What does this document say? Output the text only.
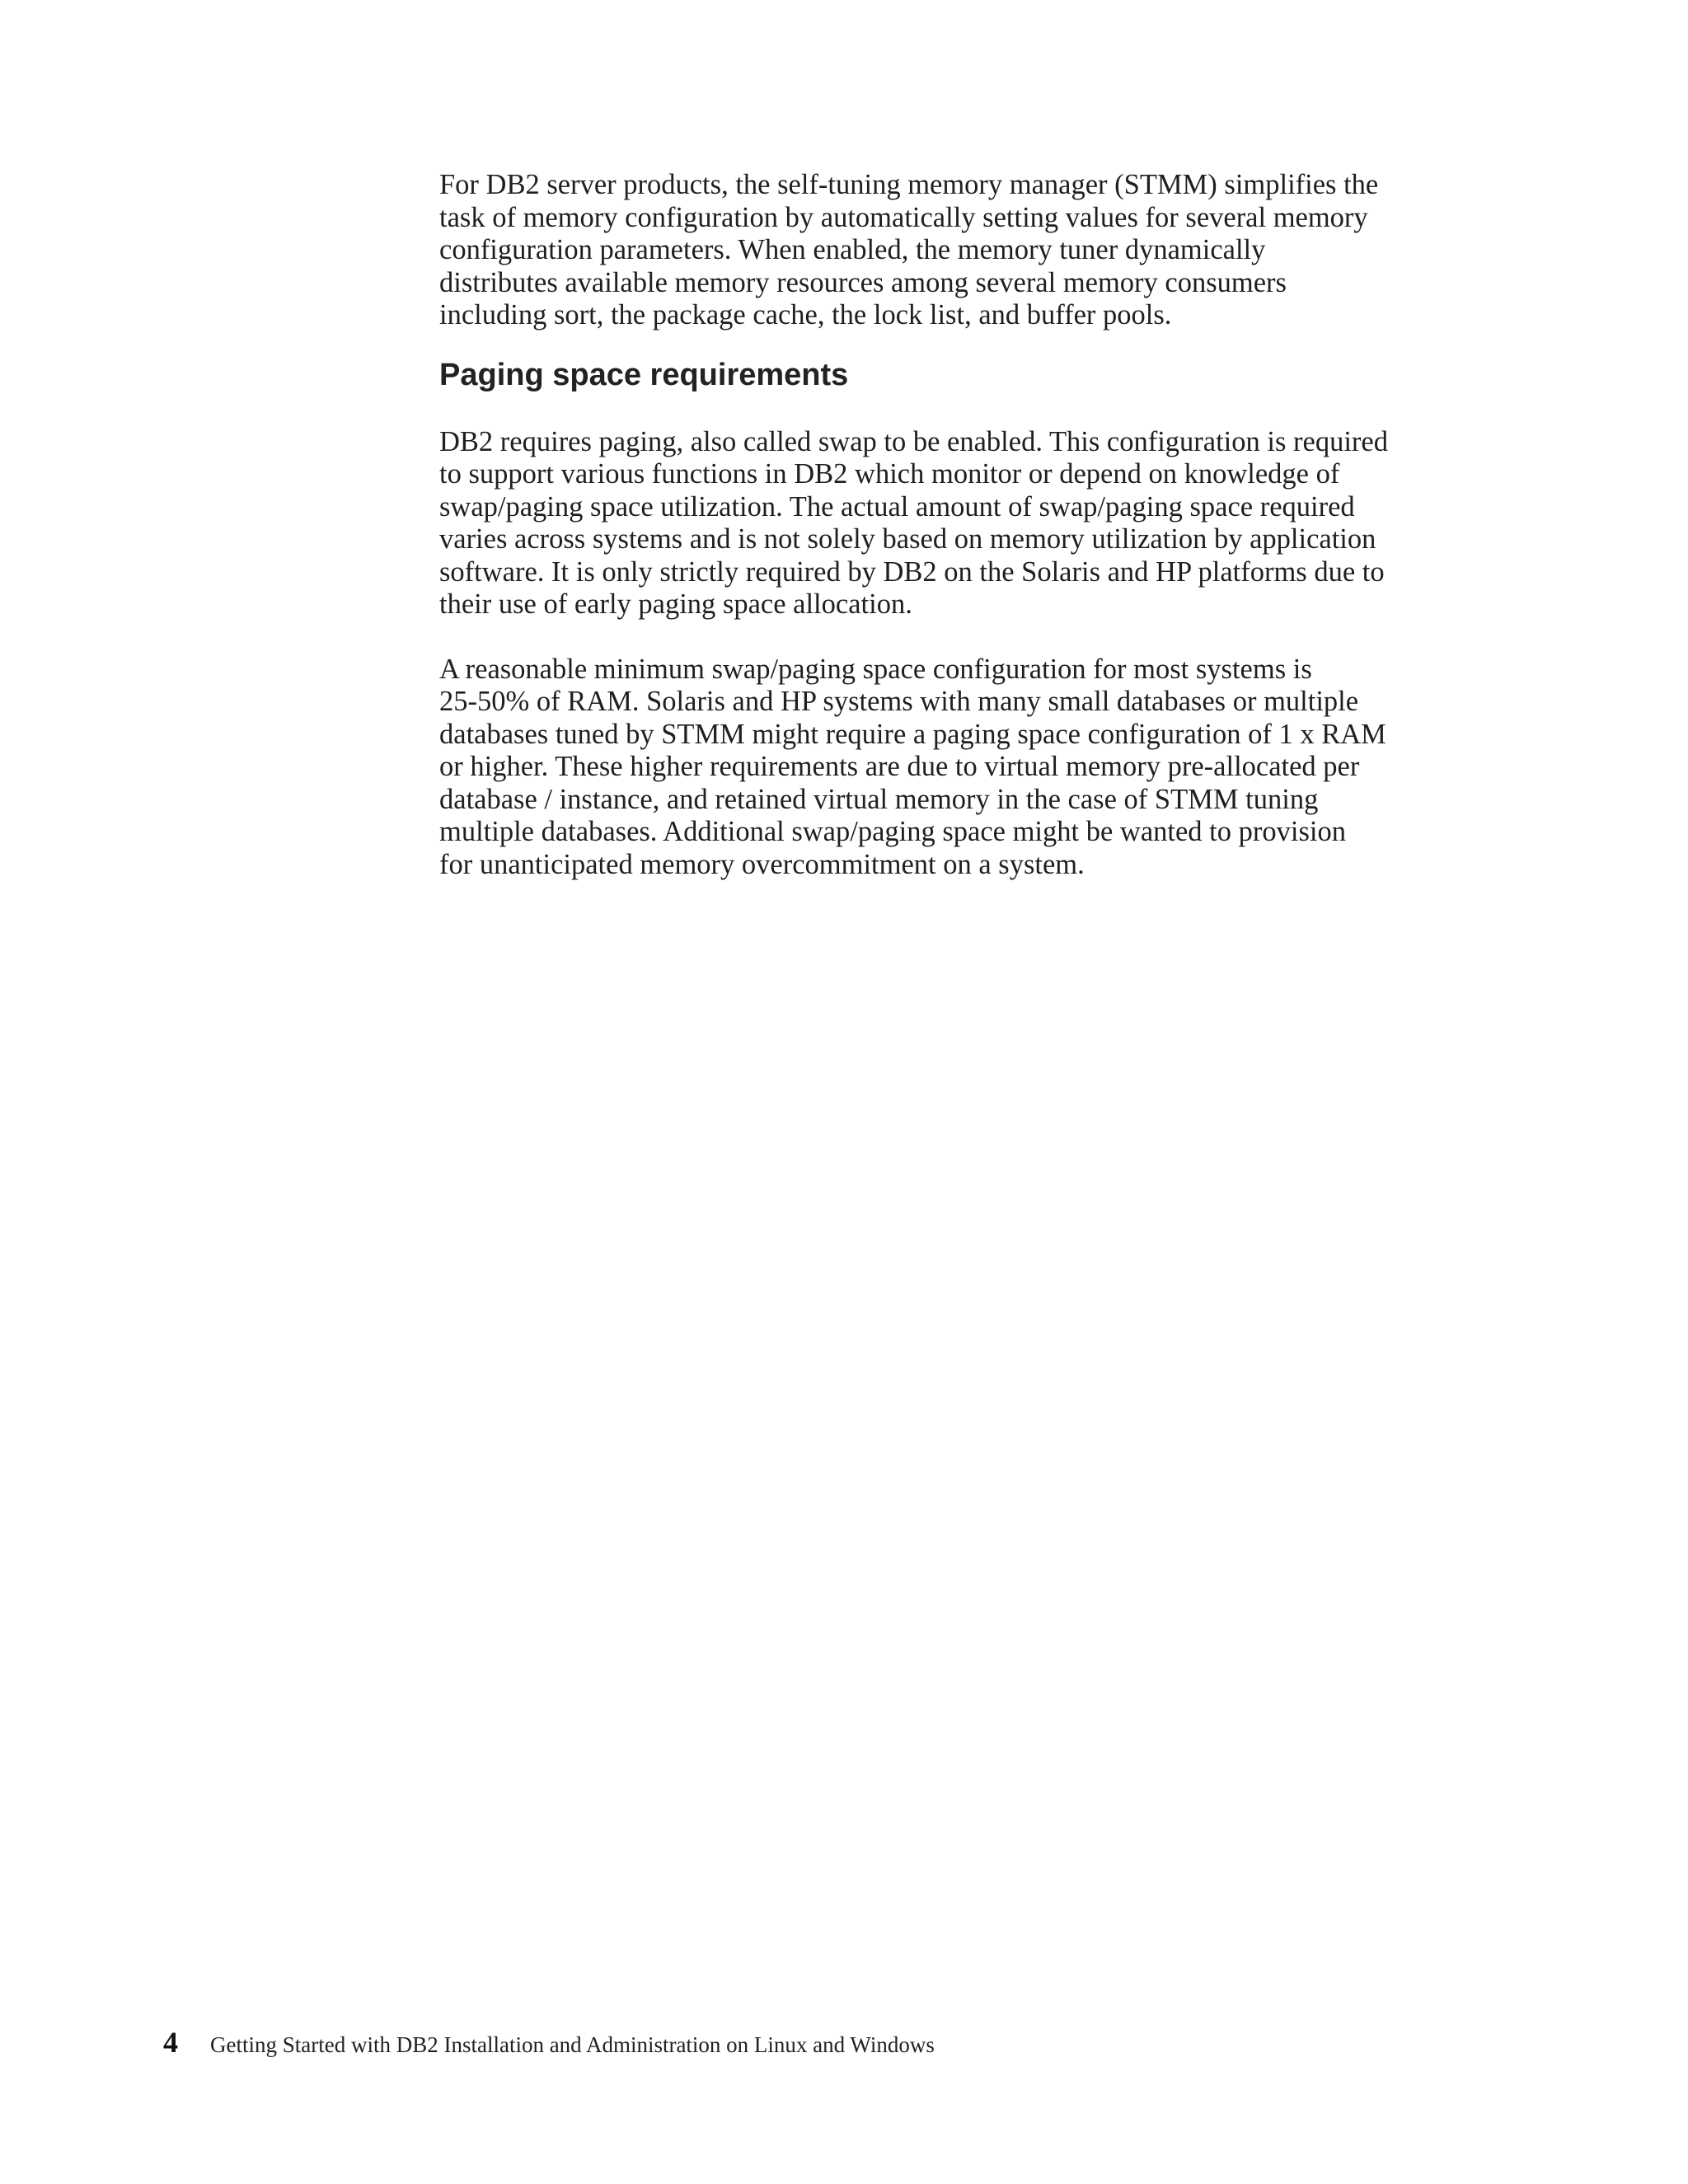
For DB2 server products, the self-tuning memory manager (STMM) simplifies the
task of memory configuration by automatically setting values for several memory
configuration parameters. When enabled, the memory tuner dynamically
distributes available memory resources among several memory consumers
including sort, the package cache, the lock list, and buffer pools.

Paging space requirements

DB2 requires paging, also called swap to be enabled. This configuration is required
to support various functions in DB2 which monitor or depend on knowledge of
swap/paging space utilization. The actual amount of swap/paging space required
varies across systems and is not solely based on memory utilization by application
software. It is only strictly required by DB2 on the Solaris and HP platforms due to
their use of early paging space allocation.

A reasonable minimum swap/paging space configuration for most systems is
25-50% of RAM. Solaris and HP systems with many small databases or multiple
databases tuned by STMM might require a paging space configuration of 1 x RAM
or higher. These higher requirements are due to virtual memory pre-allocated per
database / instance, and retained virtual memory in the case of STMM tuning
multiple databases. Additional swap/paging space might be wanted to provision
for unanticipated memory overcommitment on a system.

4	Getting Started with DB2 Installation and Administration on Linux and Windows
